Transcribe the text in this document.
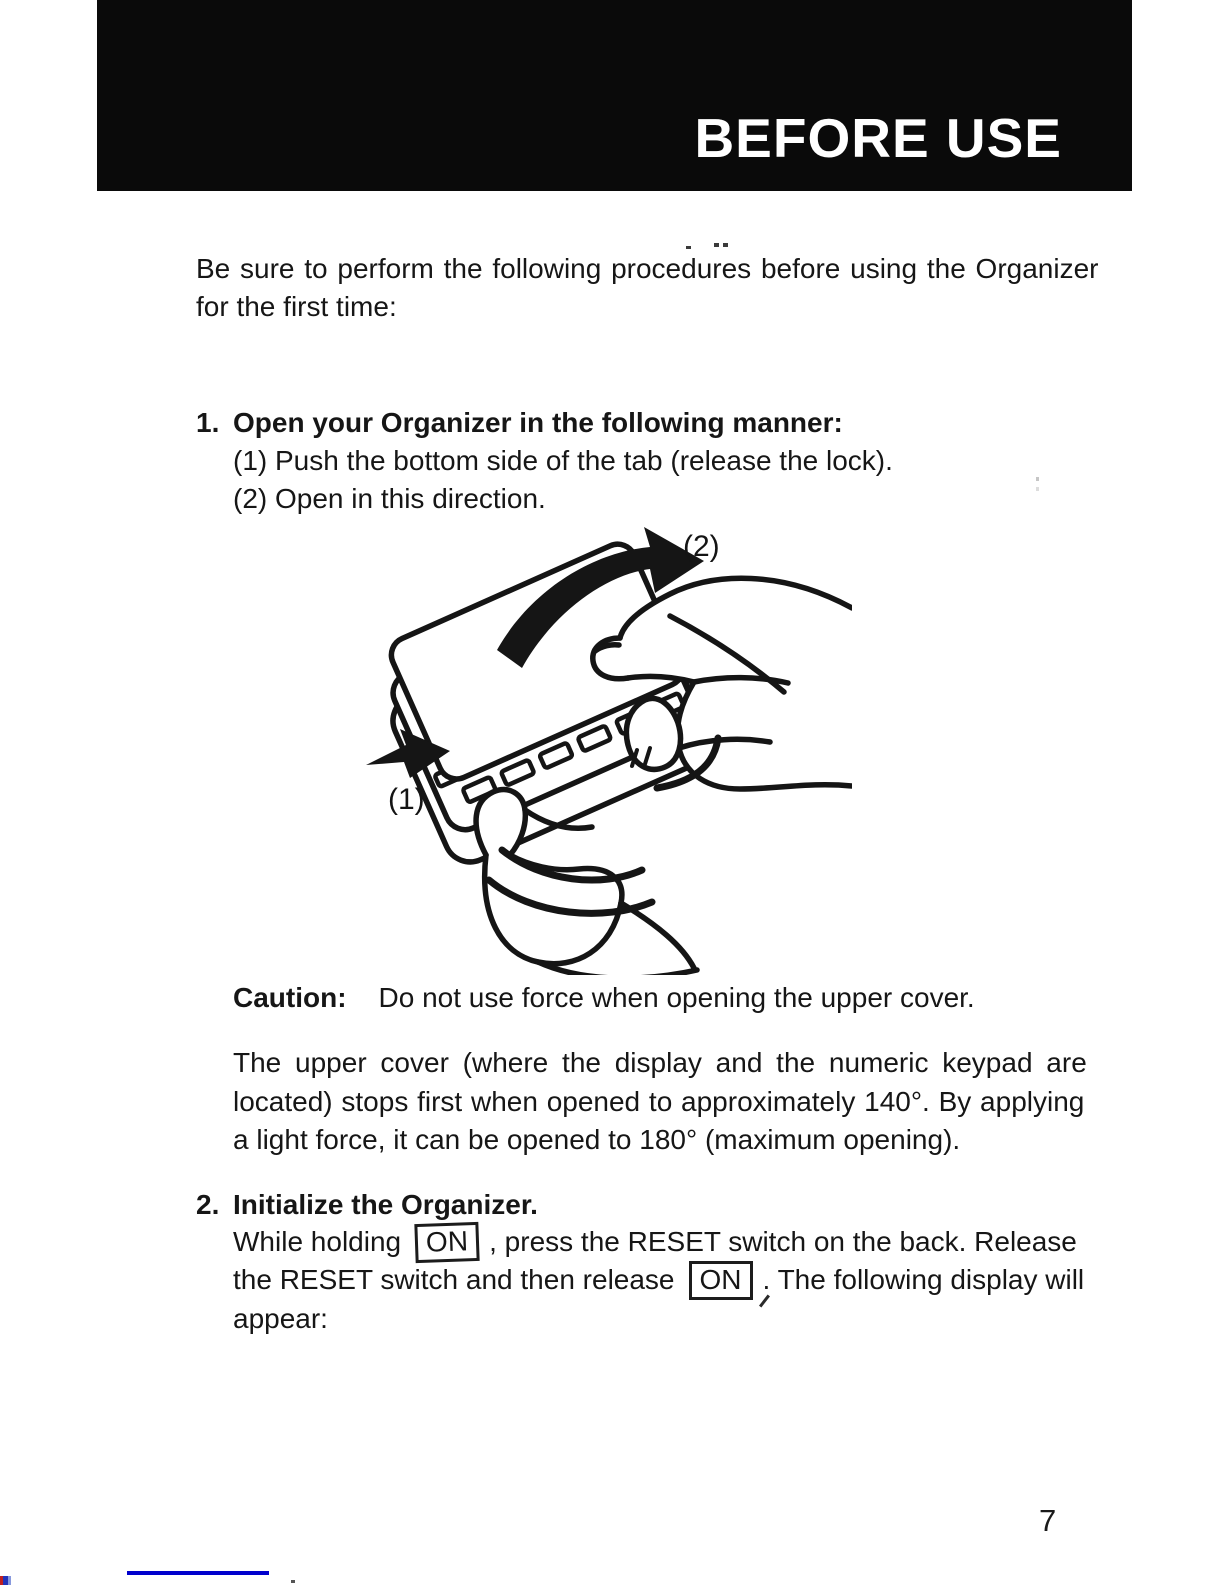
BEFORE USE
Be sure to perform the following procedures before using the Organizer
for the first time:
1. Open your Organizer in the following manner:
(1) Push the bottom side of the tab (release the lock).
(2) Open in this direction.
(2)
(1)
Caution: Do not use force when opening the upper cover.
The upper cover (where the display and the numeric keypad are
located) stops first when opened to approximately 140°. By applying
a light force, it can be opened to 180° (maximum opening).
2. Initialize the Organizer.
While holding ON , press the RESET switch on the back. Release
the RESET switch and then release ON . The following display will
appear:
7
